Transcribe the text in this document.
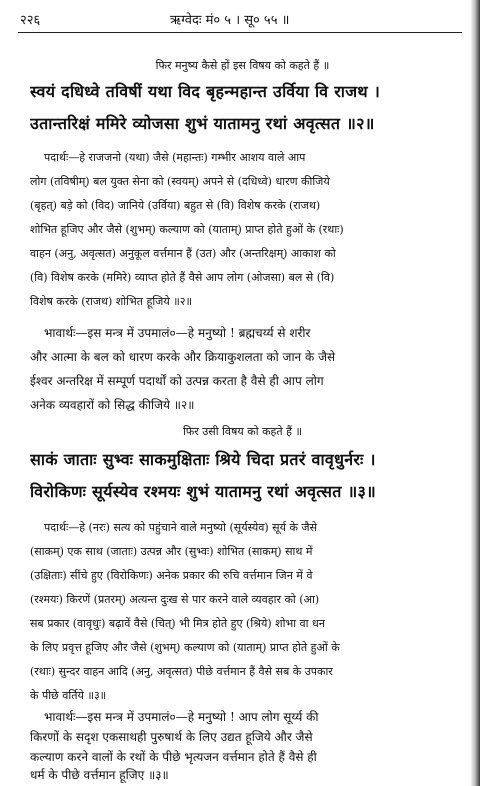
२२६	ऋग्वेदः मं० ५ । सू० ५५ ॥
फिर मनुष्य कैसे हों इस विषय को कहते हैं ॥
स्वयं दधिध्वे तविषीं यथा विद बृहन्महान्त उर्विया वि राजथ ।
उतान्तरिक्षं ममिरे व्योजसा शुभं यातामनु रथां अवृत्सत ॥२॥
पदार्थः—हे राजजनो (यथा) जैसे (महान्तः) गम्भीर आशय वाले आप
लोग (तविषीम्) बल युक्त सेना को (स्वयम्) अपने से (दधिध्वे) धारण कीजिये
(बृहत्) बड़े को (विद) जानिये (उर्विया) बहुत से (वि) विशेष करके (राजथ)
शोभित हूजिए और जैसे (शुभम्) कल्याण को (याताम्) प्राप्त होते हुओं के (रथाः)
वाहन (अनु, अवृत्सत) अनुकूल वर्त्तमान हैं (उत) और (अन्तरिक्षम्) आकाश को
(वि) विशेष करके (ममिरे) व्याप्त होते हैं वैसे आप लोग (ओजसा) बल से (वि)
विशेष करके (राजथ) शोभित हूजिये ॥२॥
भावार्थः—इस मन्त्र में उपमालं०—हे मनुष्यो ! ब्रह्मचर्य्य से शरीर
और आत्मा के बल को धारण करके और क्रियाकुशलता को जान के जैसे
ईश्वर अन्तरिक्ष में सम्पूर्ण पदार्थों को उत्पन्न करता है वैसे ही आप लोग
अनेक व्यवहारों को सिद्ध कीजिये ॥२॥
फिर उसी विषय को कहते हैं ॥
साकं जाताः सुभ्वः साकमुक्षिताः श्रिये चिदा प्रतरं वावृधुर्नरः ।
विरोकिणः सूर्यस्येव रश्मयः शुभं यातामनु रथां अवृत्सत ॥३॥
पदार्थः—हे (नरः) सत्य को पहुंचाने वाले मनुष्यो (सूर्यस्येव) सूर्य के जैसे
(साकम्) एक साथ (जाताः) उत्पन्न और (सुभ्वः) शोभित (साकम्) साथ में
(उक्षिताः) सींचे हुए (विरोकिणः) अनेक प्रकार की रुचि वर्त्तमान जिन में वे
(रश्मयः) किरणें (प्रतरम्) अत्यन्त दुःख से पार करने वाले व्यवहार को (आ)
सब प्रकार (वावृधुः) बढ़ावें वैसे (चित्) भी मित्र होते हुए (श्रिये) शोभा वा धन
के लिए प्रवृत्त हूजिए और जैसे (शुभम्) कल्याण को (याताम्) प्राप्त होते हुओं के
(रथाः) सुन्दर वाहन आदि (अनु, अवृत्सत) पीछे वर्त्तमान हैं वैसे सब के उपकार
के पीछे वर्तिये ॥३॥
भावार्थः—इस मन्त्र में उपमालं०—हे मनुष्यो ! आप लोग सूर्य्य की
किरणों के सदृश एकसाथही पुरुषार्थ के लिए उद्यत हूजिये और जैसे
कल्याण करने वालों के रथों के पीछे भृत्यजन वर्त्तमान होते हैं वैसे ही
धर्म के पीछे वर्त्तमान हूजिए ॥३॥
